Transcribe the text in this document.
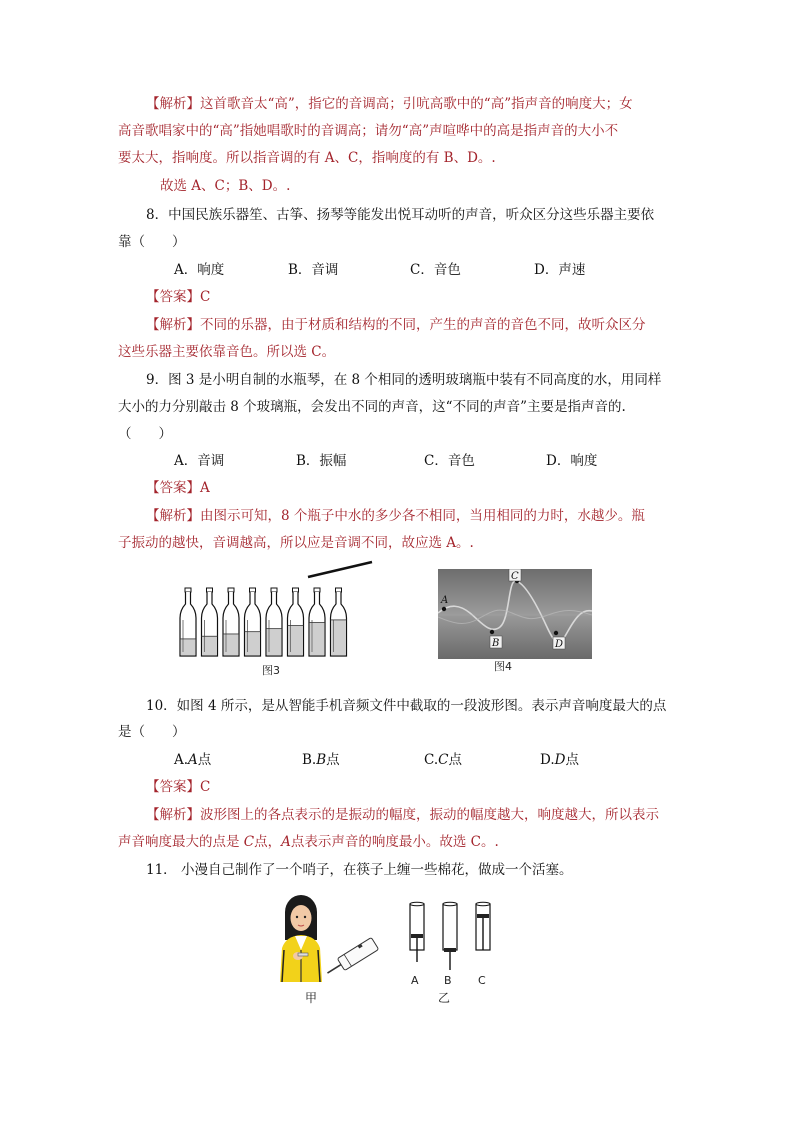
【解析】这首歌音太“高”，指它的音调高；引吭高歌中的“高”指声音的响度大；女
高音歌唱家中的“高”指她唱歌时的音调高；请勿“高”声喧哗中的高是指声音的大小不
要太大，指响度。所以指音调的有 A、C，指响度的有 B、D。.
故选 A、C；B、D。.
8．中国民族乐器笙、古筝、扬琴等能发出悦耳动听的声音，听众区分这些乐器主要依
靠（　　）
A．响度	B．音调	C．音色	D．声速
【答案】C
【解析】不同的乐器，由于材质和结构的不同，产生的声音的音色不同，故听众区分
这些乐器主要依靠音色。所以选 C。
9．图 3 是小明自制的水瓶琴，在 8 个相同的透明玻璃瓶中装有不同高度的水，用同样
大小的力分别敲击 8 个玻璃瓶，会发出不同的声音，这“不同的声音”主要是指声音的.
（　　）
A．音调	B．振幅	C．音色	D．响度
【答案】A
【解析】由图示可知，8 个瓶子中水的多少各不相同，当用相同的力时，水越少。瓶
子振动的越快，音调越高，所以应是音调不同，故应选 A。.
图3
A
B
C
D
图4
10．如图 4 所示，是从智能手机音频文件中截取的一段波形图。表示声音响度最大的点
是（　　）
A.A点	B.B点	C.C点	D.D点
【答案】C
【解析】波形图上的各点表示的是振动的幅度，振动的幅度越大，响度越大，所以表示
声音响度最大的点是 C点，A点表示声音的响度最小。故选 C。.
11． 小漫自己制作了一个哨子，在筷子上缠一些棉花，做成一个活塞。
甲
A B C
乙
